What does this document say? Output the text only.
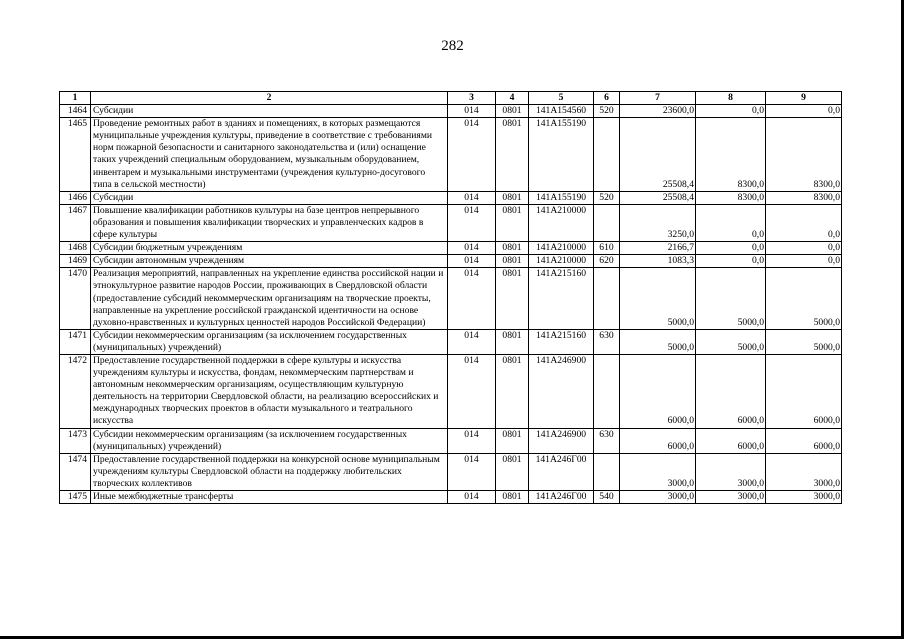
282
1	2	3	4	5	6	7	8	9
1464	Субсидии	014	0801	141A154560	520	23600,0	0,0	0,0
1465	Проведение ремонтных работ в зданиях и помещениях, в которых размещаются муниципальные учреждения культуры, приведение в соответствие с требованиями норм пожарной безопасности и санитарного законодательства и (или) оснащение таких учреждений специальным оборудованием, музыкальным оборудованием, инвентарем и музыкальными инструментами (учреждения культурно-досугового типа в сельской местности)	014	0801	141A155190		25508,4	8300,0	8300,0
1466	Субсидии	014	0801	141A155190	520	25508,4	8300,0	8300,0
1467	Повышение квалификации работников культуры на базе центров непрерывного образования и повышения квалификации творческих и управленческих кадров в сфере культуры	014	0801	141A210000		3250,0	0,0	0,0
1468	Субсидии бюджетным учреждениям	014	0801	141A210000	610	2166,7	0,0	0,0
1469	Субсидии автономным учреждениям	014	0801	141A210000	620	1083,3	0,0	0,0
1470	Реализация мероприятий, направленных на укрепление единства российской нации и этнокультурное развитие народов России, проживающих в Свердловской области (предоставление субсидий некоммерческим организациям на творческие проекты, направленные на укрепление российской гражданской идентичности на основе духовно-нравственных и культурных ценностей народов Российской Федерации)	014	0801	141A215160		5000,0	5000,0	5000,0
1471	Субсидии некоммерческим организациям (за исключением государственных (муниципальных) учреждений)	014	0801	141A215160	630	5000,0	5000,0	5000,0
1472	Предоставление государственной поддержки в сфере культуры и искусства учреждениям культуры и искусства, фондам, некоммерческим партнерствам и автономным некоммерческим организациям, осуществляющим культурную деятельность на территории Свердловской области, на реализацию всероссийских и международных творческих проектов в области музыкального и театрального искусства	014	0801	141A246900		6000,0	6000,0	6000,0
1473	Субсидии некоммерческим организациям (за исключением государственных (муниципальных) учреждений)	014	0801	141A246900	630	6000,0	6000,0	6000,0
1474	Предоставление государственной поддержки на конкурсной основе муниципальным учреждениям культуры Свердловской области на поддержку любительских творческих коллективов	014	0801	141A246Г00		3000,0	3000,0	3000,0
1475	Иные межбюджетные трансферты	014	0801	141A246Г00	540	3000,0	3000,0	3000,0
